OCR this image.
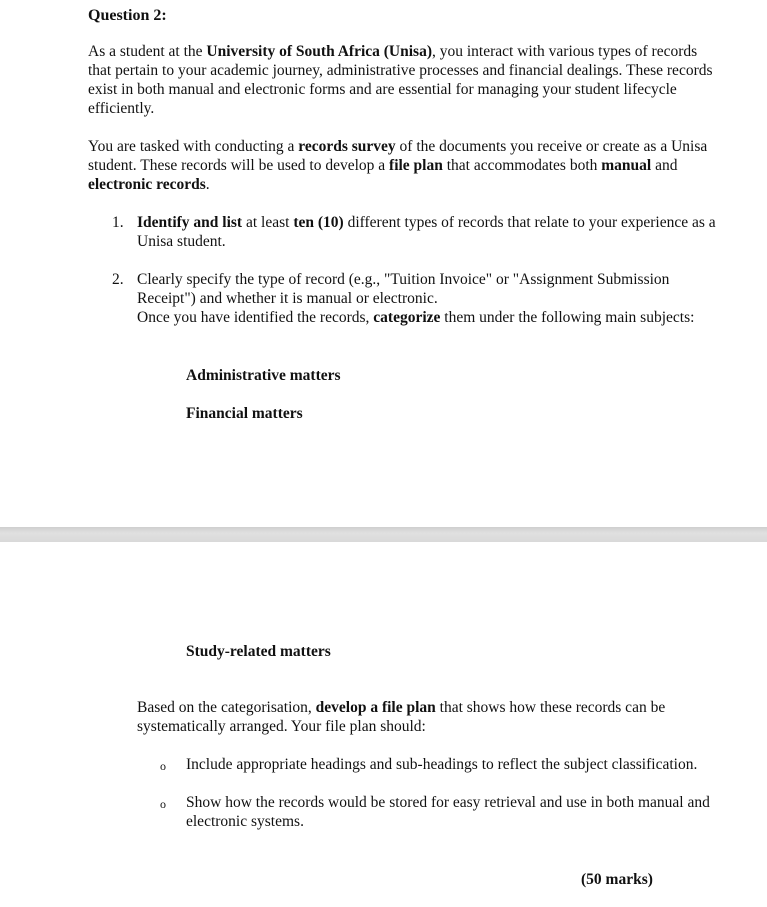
Question 2:

As a student at the University of South Africa (Unisa), you interact with various types of records that pertain to your academic journey, administrative processes and financial dealings. These records exist in both manual and electronic forms and are essential for managing your student lifecycle efficiently.

You are tasked with conducting a records survey of the documents you receive or create as a Unisa student. These records will be used to develop a file plan that accommodates both manual and electronic records.

1. Identify and list at least ten (10) different types of records that relate to your experience as a Unisa student.

2. Clearly specify the type of record (e.g., "Tuition Invoice" or "Assignment Submission Receipt") and whether it is manual or electronic.
Once you have identified the records, categorize them under the following main subjects:
Administrative matters
Financial matters
Study-related matters

Based on the categorisation, develop a file plan that shows how these records can be systematically arranged. Your file plan should:

o Include appropriate headings and sub-headings to reflect the subject classification.
o Show how the records would be stored for easy retrieval and use in both manual and electronic systems.
(50 marks)
